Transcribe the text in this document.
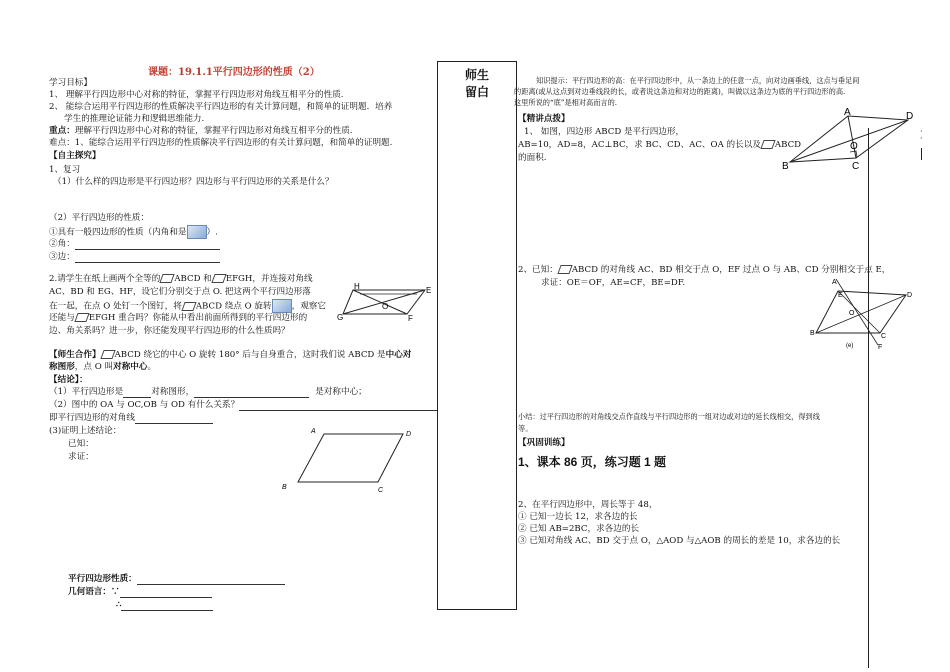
课题：19.1.1平行四边形的性质（2）
学习目标】
1、 理解平行四边形中心对称的特征，掌握平行四边形对角线互相平分的性质.
2、 能综合运用平行四边形的性质解决平行四边形的有关计算问题，和简单的证明题．培养
学生的推理论证能力和逻辑思维能力.
重点：理解平行四边形中心对称的特征，掌握平行四边形对角线互相平分的性质.
难点：1、能综合运用平行四边形的性质解决平行四边形的有关计算问题，和简单的证明题.
【自主探究】
1、复习
（1）什么样的四边形是平行四边形？四边形与平行四边形的关系是什么？
（2）平行四边形的性质：
①具有一般四边形的性质（内角和是 ）.
②角：
③边：
2.请学生在纸上画两个全等的 ABCD 和 EFGH，并连接对角线
AC、BD 和 EG、HF，设它们分别交于点 O. 把这两个平行四边形落
在一起，在点 O 处钉一个图钉，将 ABCD 绕点 O 旋转 ，观察它
还能与 EFGH 重合吗？你能从中看出前面所得到的平行四边形的
边、角关系吗？进一步，你还能发现平行四边形的什么性质吗？
H	E
G	F
O
【师生合作】 ABCD 绕它的中心 O 旋转 180° 后与自身重合，这时我们说 ABCD 是中心对
称图形，点 O 叫对称中心。
【结论】：
（1）平行四边形是	对称图形，	是对称中心；
（2）图中的 OA 与 OC,OB 与 OD 有什么关系？
即平行四边形的对角线
(3)证明上述结论：
已知：
求证：
A	D
B	C
平行四边形性质：
几何语言：∵
∴
师生
留白
知识提示：平行四边形的高：在平行四边形中，从一条边上的任意一点，向对边画垂线，这点与垂足间
的距离(或从这点到对边垂线段的长，或者说这条边和对边的距离)，叫做以这条边为底的平行四边形的高.
这里所说的“底”是相对高而言的.
【精讲点拨】
1、 如图，四边形 ABCD 是平行四边形，
AB=10，AD=8，AC⊥BC，求 BC、CD、AC、OA 的长以及 ABCD
的面积.
A	D
B	C
O
2、已知： ABCD 的对角线 AC、BD 相交于点 O，EF 过点 O 与 AB、CD 分别相交于点 E，
求证：OE＝OF，AE=CF，BE=DF.	A
E	D
O
B	C
F
(e)
小结：过平行四边形的对角线交点作直线与平行四边形的一组对边或对边的延长线相交，得到线
等。
【巩固训练】
1、课本 86 页，练习题 1 题
2、在平行四边形中，周长等于 48，
① 已知一边长 12，求各边的长
② 已知 AB=2BC，求各边的长
③ 已知对角线 AC、BD 交于点 O，△AOD 与△AOB 的周长的差是 10，求各边的长
·
·
